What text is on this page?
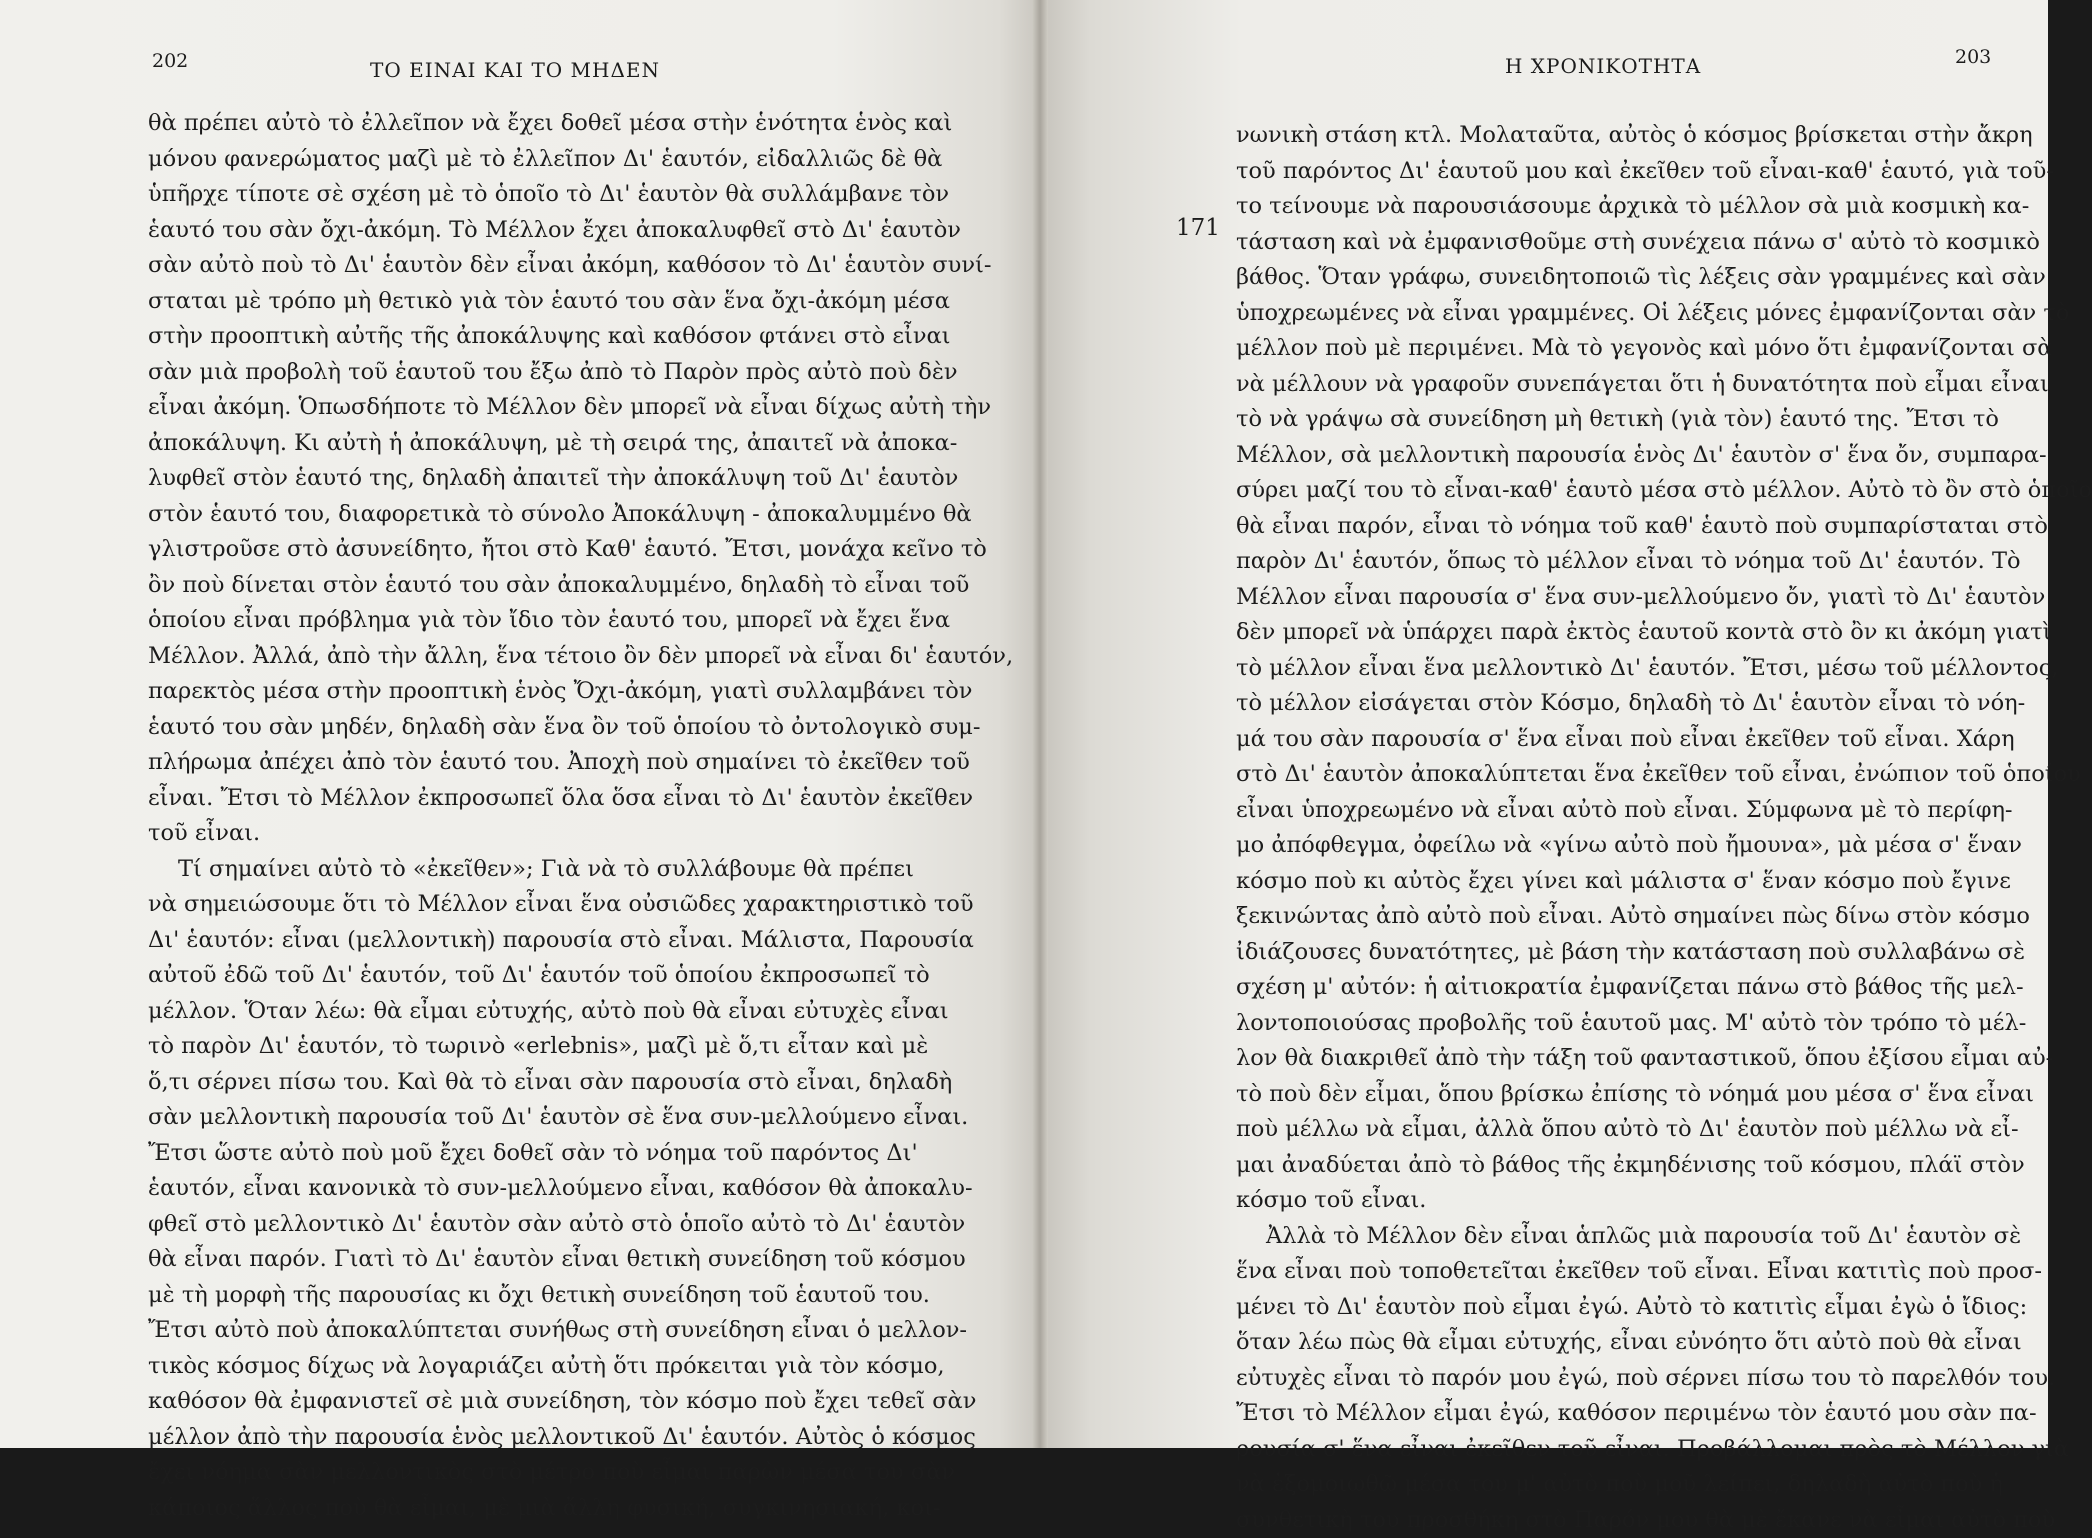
202	ΤΟ ΕΙΝΑΙ ΚΑΙ ΤΟ ΜΗΔΕΝ
θὰ πρέπει αὐτὸ τὸ ἐλλεῖπον νὰ ἔχει δοθεῖ μέσα στὴν ἑνότητα ἑνὸς καὶ
μόνου φανερώματος μαζὶ μὲ τὸ ἐλλεῖπον Δι' ἑαυτόν, εἰδαλλιῶς δὲ θὰ
ὑπῆρχε τίποτε σὲ σχέση μὲ τὸ ὁποῖο τὸ Δι' ἑαυτὸν θὰ συλλάμβανε τὸν
ἑαυτό του σὰν ὄχι-ἀκόμη. Τὸ Μέλλον ἔχει ἀποκαλυφθεῖ στὸ Δι' ἑαυτὸν
σὰν αὐτὸ ποὺ τὸ Δι' ἑαυτὸν δὲν εἶναι ἀκόμη, καθόσον τὸ Δι' ἑαυτὸν συνί-
σταται μὲ τρόπο μὴ θετικὸ γιὰ τὸν ἑαυτό του σὰν ἕνα ὄχι-ἀκόμη μέσα
στὴν προοπτικὴ αὐτῆς τῆς ἀποκάλυψης καὶ καθόσον φτάνει στὸ εἶναι
σὰν μιὰ προβολὴ τοῦ ἑαυτοῦ του ἔξω ἀπὸ τὸ Παρὸν πρὸς αὐτὸ ποὺ δὲν
εἶναι ἀκόμη. Ὁπωσδήποτε τὸ Μέλλον δὲν μπορεῖ νὰ εἶναι δίχως αὐτὴ τὴν
ἀποκάλυψη. Κι αὐτὴ ἡ ἀποκάλυψη, μὲ τὴ σειρά της, ἀπαιτεῖ νὰ ἀποκα-
λυφθεῖ στὸν ἑαυτό της, δηλαδὴ ἀπαιτεῖ τὴν ἀποκάλυψη τοῦ Δι' ἑαυτὸν
στὸν ἑαυτό του, διαφορετικὰ τὸ σύνολο Ἀποκάλυψη - ἀποκαλυμμένο θὰ
γλιστροῦσε στὸ ἀσυνείδητο, ἤτοι στὸ Καθ' ἑαυτό. Ἔτσι, μονάχα κεῖνο τὸ
ὂν ποὺ δίνεται στὸν ἑαυτό του σὰν ἀποκαλυμμένο, δηλαδὴ τὸ εἶναι τοῦ
ὁποίου εἶναι πρόβλημα γιὰ τὸν ἴδιο τὸν ἑαυτό του, μπορεῖ νὰ ἔχει ἕνα
Μέλλον. Ἀλλά, ἀπὸ τὴν ἄλλη, ἕνα τέτοιο ὂν δὲν μπορεῖ νὰ εἶναι δι' ἑαυτόν,
παρεκτὸς μέσα στὴν προοπτικὴ ἑνὸς Ὄχι-ἀκόμη, γιατὶ συλλαμβάνει τὸν
ἑαυτό του σὰν μηδέν, δηλαδὴ σὰν ἕνα ὂν τοῦ ὁποίου τὸ ὀντολογικὸ συμ-
πλήρωμα ἀπέχει ἀπὸ τὸν ἑαυτό του. Ἀποχὴ ποὺ σημαίνει τὸ ἐκεῖθεν τοῦ
εἶναι. Ἔτσι τὸ Μέλλον ἐκπροσωπεῖ ὅλα ὅσα εἶναι τὸ Δι' ἑαυτὸν ἐκεῖθεν
τοῦ εἶναι.
Τί σημαίνει αὐτὸ τὸ «ἐκεῖθεν»; Γιὰ νὰ τὸ συλλάβουμε θὰ πρέπει
νὰ σημειώσουμε ὅτι τὸ Μέλλον εἶναι ἕνα οὐσιῶδες χαρακτηριστικὸ τοῦ
Δι' ἑαυτόν: εἶναι (μελλοντικὴ) παρουσία στὸ εἶναι. Μάλιστα, Παρουσία
αὐτοῦ ἐδῶ τοῦ Δι' ἑαυτόν, τοῦ Δι' ἑαυτόν τοῦ ὁποίου ἐκπροσωπεῖ τὸ
μέλλον. Ὅταν λέω: θὰ εἶμαι εὐτυχής, αὐτὸ ποὺ θὰ εἶναι εὐτυχὲς εἶναι
τὸ παρὸν Δι' ἑαυτόν, τὸ τωρινὸ «erlebnis», μαζὶ μὲ ὅ,τι εἶταν καὶ μὲ
ὅ,τι σέρνει πίσω του. Καὶ θὰ τὸ εἶναι σὰν παρουσία στὸ εἶναι, δηλαδὴ
σὰν μελλοντικὴ παρουσία τοῦ Δι' ἑαυτὸν σὲ ἕνα συν-μελλούμενο εἶναι.
Ἔτσι ὥστε αὐτὸ ποὺ μοῦ ἔχει δοθεῖ σὰν τὸ νόημα τοῦ παρόντος Δι'
ἑαυτόν, εἶναι κανονικὰ τὸ συν-μελλούμενο εἶναι, καθόσον θὰ ἀποκαλυ-
φθεῖ στὸ μελλοντικὸ Δι' ἑαυτὸν σὰν αὐτὸ στὸ ὁποῖο αὐτὸ τὸ Δι' ἑαυτὸν
θὰ εἶναι παρόν. Γιατὶ τὸ Δι' ἑαυτὸν εἶναι θετικὴ συνείδηση τοῦ κόσμου
μὲ τὴ μορφὴ τῆς παρουσίας κι ὄχι θετικὴ συνείδηση τοῦ ἑαυτοῦ του.
Ἔτσι αὐτὸ ποὺ ἀποκαλύπτεται συνήθως στὴ συνείδηση εἶναι ὁ μελλον-
τικὸς κόσμος δίχως νὰ λογαριάζει αὐτὴ ὅτι πρόκειται γιὰ τὸν κόσμο,
καθόσον θὰ ἐμφανιστεῖ σὲ μιὰ συνείδηση, τὸν κόσμο ποὺ ἔχει τεθεῖ σὰν
μέλλον ἀπὸ τὴν παρουσία ἑνὸς μελλοντικοῦ Δι' ἑαυτόν. Αὐτὸς ὁ κόσμος
ἔχει νόημα σὰν μελλοντικὸς στὸ μέτρο ποὺ εἶμαι παρὼν μέσα του σὰν
κάποιος ἄλλος ποὺ θὰ εἶμαι, μὲ μιὰ ἄλλη φυσική, συγκινησιακή, κοι-
203
Η ΧΡΟΝΙΚΟΤΗΤΑ
171
νωνικὴ στάση κτλ. Μολαταῦτα, αὐτὸς ὁ κόσμος βρίσκεται στὴν ἄκρη
τοῦ παρόντος Δι' ἑαυτοῦ μου καὶ ἐκεῖθεν τοῦ εἶναι-καθ' ἑαυτό, γιὰ τοῦ-
το τείνουμε νὰ παρουσιάσουμε ἀρχικὰ τὸ μέλλον σὰ μιὰ κοσμικὴ κα-
τάσταση καὶ νὰ ἐμφανισθοῦμε στὴ συνέχεια πάνω σ' αὐτὸ τὸ κοσμικὸ
βάθος. Ὅταν γράφω, συνειδητοποιῶ τὶς λέξεις σὰν γραμμένες καὶ σὰν
ὑποχρεωμένες νὰ εἶναι γραμμένες. Οἱ λέξεις μόνες ἐμφανίζονται σὰν τὸ
μέλλον ποὺ μὲ περιμένει. Μὰ τὸ γεγονὸς καὶ μόνο ὅτι ἐμφανίζονται σὰ
νὰ μέλλουν νὰ γραφοῦν συνεπάγεται ὅτι ἡ δυνατότητα ποὺ εἶμαι εἶναι
τὸ νὰ γράψω σὰ συνείδηση μὴ θετικὴ (γιὰ τὸν) ἑαυτό της. Ἔτσι τὸ
Μέλλον, σὰ μελλοντικὴ παρουσία ἑνὸς Δι' ἑαυτὸν σ' ἕνα ὄν, συμπαρα-
σύρει μαζί του τὸ εἶναι-καθ' ἑαυτὸ μέσα στὸ μέλλον. Αὐτὸ τὸ ὂν στὸ ὁποῖο
θὰ εἶναι παρόν, εἶναι τὸ νόημα τοῦ καθ' ἑαυτὸ ποὺ συμπαρίσταται στὸ
παρὸν Δι' ἑαυτόν, ὅπως τὸ μέλλον εἶναι τὸ νόημα τοῦ Δι' ἑαυτόν. Τὸ
Μέλλον εἶναι παρουσία σ' ἕνα συν-μελλούμενο ὄν, γιατὶ τὸ Δι' ἑαυτὸν
δὲν μπορεῖ νὰ ὑπάρχει παρὰ ἐκτὸς ἑαυτοῦ κοντὰ στὸ ὂν κι ἀκόμη γιατὶ
τὸ μέλλον εἶναι ἕνα μελλοντικὸ Δι' ἑαυτόν. Ἔτσι, μέσω τοῦ μέλλοντος,
τὸ μέλλον εἰσάγεται στὸν Κόσμο, δηλαδὴ τὸ Δι' ἑαυτὸν εἶναι τὸ νόη-
μά του σὰν παρουσία σ' ἕνα εἶναι ποὺ εἶναι ἐκεῖθεν τοῦ εἶναι. Χάρη
στὸ Δι' ἑαυτὸν ἀποκαλύπτεται ἕνα ἐκεῖθεν τοῦ εἶναι, ἐνώπιον τοῦ ὁποίου
εἶναι ὑποχρεωμένο νὰ εἶναι αὐτὸ ποὺ εἶναι. Σύμφωνα μὲ τὸ περίφη-
μο ἀπόφθεγμα, ὀφείλω νὰ «γίνω αὐτὸ ποὺ ἤμουνα», μὰ μέσα σ' ἕναν
κόσμο ποὺ κι αὐτὸς ἔχει γίνει καὶ μάλιστα σ' ἕναν κόσμο ποὺ ἔγινε
ξεκινώντας ἀπὸ αὐτὸ ποὺ εἶναι. Αὐτὸ σημαίνει πὼς δίνω στὸν κόσμο
ἰδιάζουσες δυνατότητες, μὲ βάση τὴν κατάσταση ποὺ συλλαβάνω σὲ
σχέση μ' αὐτόν: ἡ αἰτιοκρατία ἐμφανίζεται πάνω στὸ βάθος τῆς μελ-
λοντοποιούσας προβολῆς τοῦ ἑαυτοῦ μας. Μ' αὐτὸ τὸν τρόπο τὸ μέλ-
λον θὰ διακριθεῖ ἀπὸ τὴν τάξη τοῦ φανταστικοῦ, ὅπου ἐξίσου εἶμαι αὐ-
τὸ ποὺ δὲν εἶμαι, ὅπου βρίσκω ἐπίσης τὸ νόημά μου μέσα σ' ἕνα εἶναι
ποὺ μέλλω νὰ εἶμαι, ἀλλὰ ὅπου αὐτὸ τὸ Δι' ἑαυτὸν ποὺ μέλλω νὰ εἶ-
μαι ἀναδύεται ἀπὸ τὸ βάθος τῆς ἐκμηδένισης τοῦ κόσμου, πλάϊ στὸν
κόσμο τοῦ εἶναι.
Ἀλλὰ τὸ Μέλλον δὲν εἶναι ἁπλῶς μιὰ παρουσία τοῦ Δι' ἑαυτὸν σὲ
ἕνα εἶναι ποὺ τοποθετεῖται ἐκεῖθεν τοῦ εἶναι. Εἶναι κατιτὶς ποὺ προσ-
μένει τὸ Δι' ἑαυτὸν ποὺ εἶμαι ἐγώ. Αὐτὸ τὸ κατιτὶς εἶμαι ἐγὼ ὁ ἴδιος:
ὅταν λέω πὼς θὰ εἶμαι εὐτυχής, εἶναι εὐνόητο ὅτι αὐτὸ ποὺ θὰ εἶναι
εὐτυχὲς εἶναι τὸ παρόν μου ἐγώ, ποὺ σέρνει πίσω του τὸ παρελθόν του.
Ἔτσι τὸ Μέλλον εἶμαι ἐγώ, καθόσον περιμένω τὸν ἑαυτό μου σὰν πα-
ρουσία σ' ἕνα εἶναι ἐκεῖθεν τοῦ εἶναι. Προβάλλομαι πρὸς τὸ Μέλλον γιὰ
νὰ ἐξομοιωθῶ μέσα του μ' αὐτὸ ποὺ μοῦ λείπει, δηλαδὴ αὐτὸ ποὺ ἡ
συνθετικὴ του προσθήκη στὸ Παρόν μου θὰ μὲ ἔκανε νὰ εἶμαι αὐτὸ ποὺ
